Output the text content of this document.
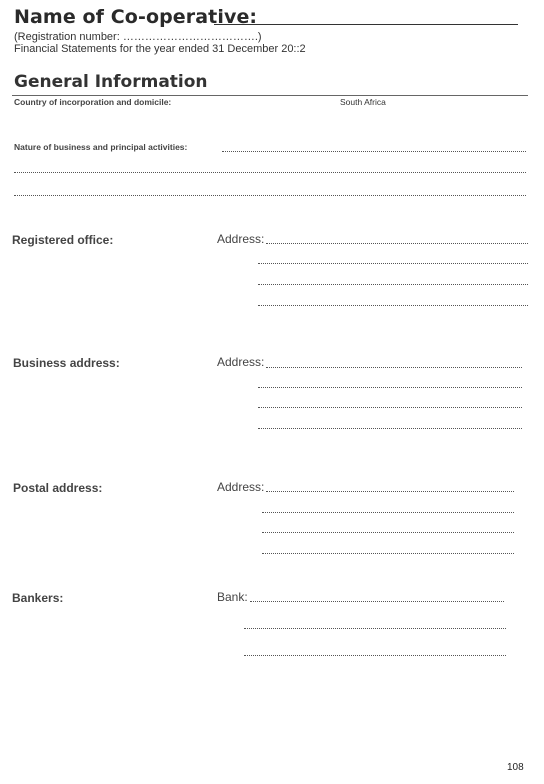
Name of Co-operative:
(Registration number: ……………………………….)
Financial Statements for the year ended 31 December 20::2
General Information
Country of incorporation and domicile:	South Africa
Nature of business and principal activities:
Registered office:	Address:
Business address:	Address:
Postal address:	Address:
Bankers:	Bank:
108
